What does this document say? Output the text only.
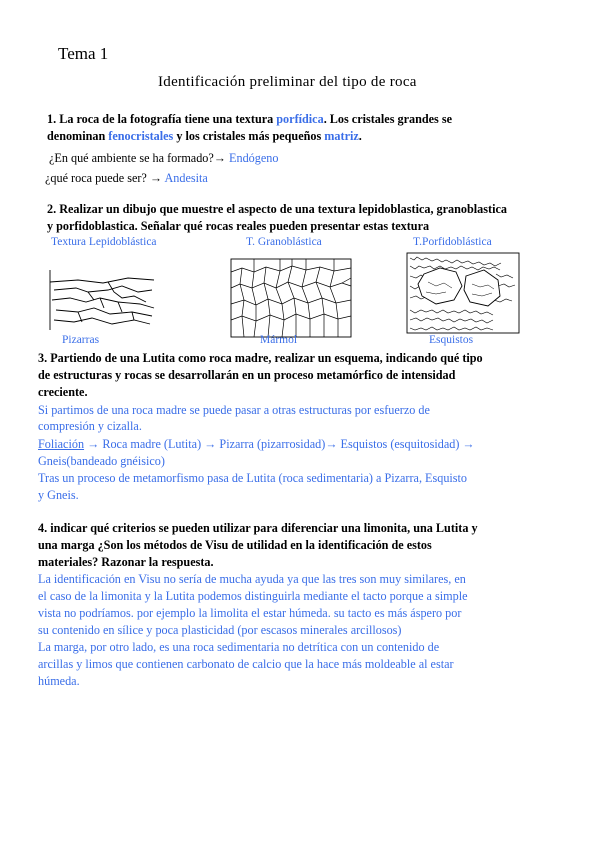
Tema 1
Identificación preliminar del tipo de roca
1. La roca de la fotografía tiene una textura porfídica. Los cristales grandes se
denominan fenocristales y los cristales más pequeños matriz.
¿En qué ambiente se ha formado?→ Endógeno
¿qué roca puede ser? → Andesita
2. Realizar un dibujo que muestre el aspecto de una textura lepidoblastica, granoblastica
y porfidoblastica. Señalar qué rocas reales pueden presentar estas textura
Textura Lepidoblástica	T. Granoblástica	T.Porfidoblástica
Pizarras	Mármol	Esquistos
3. Partiendo de una Lutita como roca madre, realizar un esquema, indicando qué tipo
de estructuras y rocas se desarrollarán en un proceso metamórfico de intensidad
creciente.
Si partimos de una roca madre se puede pasar a otras estructuras por esfuerzo de
compresión y cizalla.
Foliación → Roca madre (Lutita) → Pizarra (pizarrosidad)→ Esquistos (esquitosidad) →
Gneis(bandeado gnéisico)
Tras un proceso de metamorfismo pasa de Lutita (roca sedimentaria) a Pizarra, Esquisto
y Gneis.
4. indicar qué criterios se pueden utilizar para diferenciar una limonita, una Lutita y
una marga ¿Son los métodos de Visu de utilidad en la identificación de estos
materiales? Razonar la respuesta.
La identificación en Visu no sería de mucha ayuda ya que las tres son muy similares, en
el caso de la limonita y la Lutita podemos distinguirla mediante el tacto porque a simple
vista no podríamos. por ejemplo la limolita el estar húmeda. su tacto es más áspero por
su contenido en sílice y poca plasticidad (por escasos minerales arcillosos)
La marga, por otro lado, es una roca sedimentaria no detrítica con un contenido de
arcillas y limos que contienen carbonato de calcio que la hace más moldeable al estar
húmeda.
